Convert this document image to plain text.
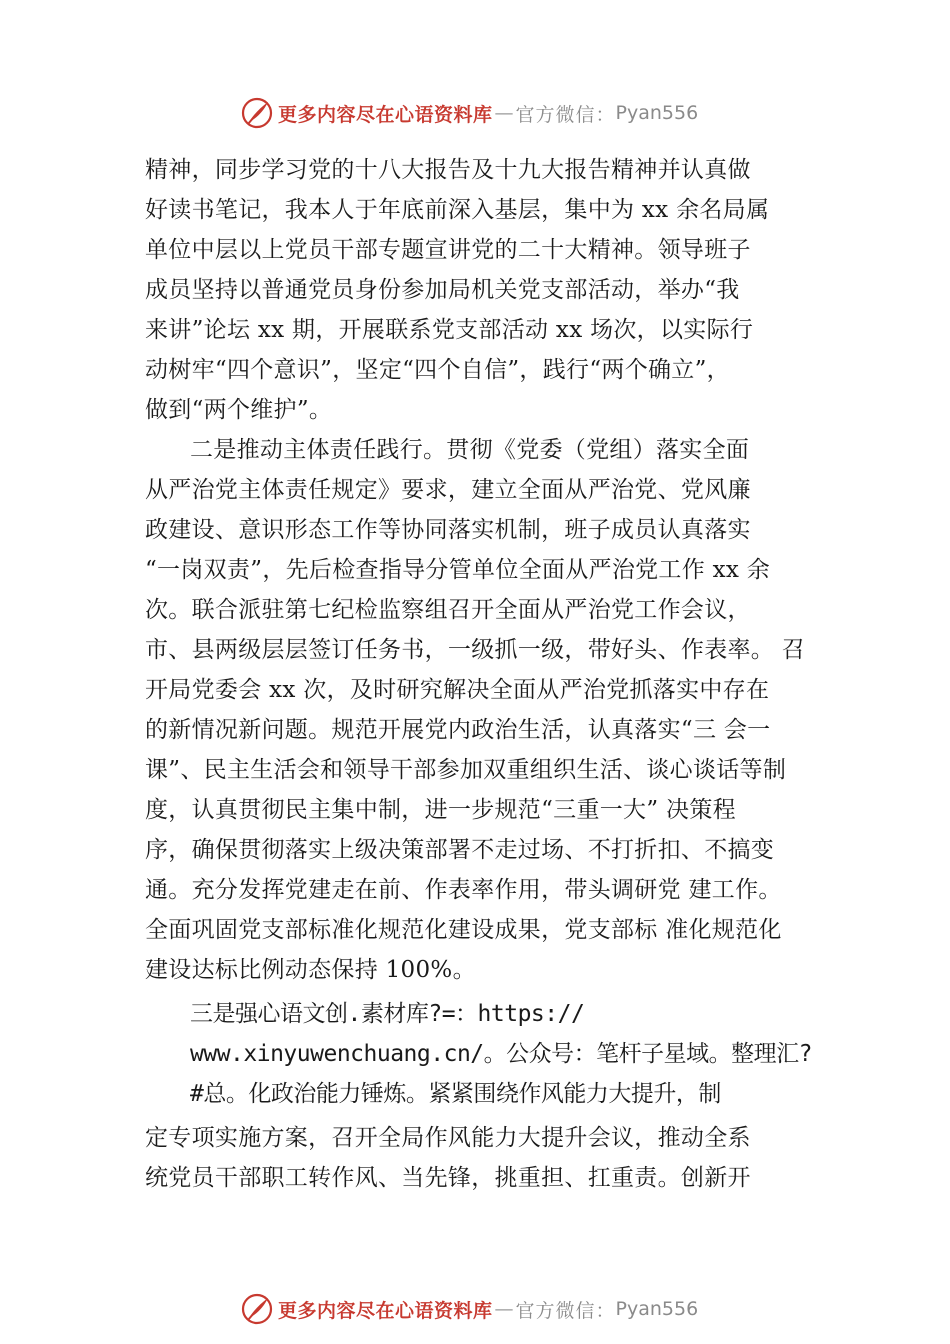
更多内容尽在心语资料库 — 官方微信： Pyan556
精神，同步学习党的十八大报告及十九大报告精神并认真做
好读书笔记，我本人于年底前深入基层，集中为 xx 余名局属
单位中层以上党员干部专题宣讲党的二十大精神。领导班子
成员坚持以普通党员身份参加局机关党支部活动，举办“我
来讲”论坛 xx 期，开展联系党支部活动 xx 场次，以实际行
动树牢“四个意识”，坚定“四个自信”，践行“两个确立”，
做到“两个维护”。
二是推动主体责任践行。贯彻《党委（党组）落实全面
从严治党主体责任规定》要求，建立全面从严治党、党风廉
政建设、意识形态工作等协同落实机制，班子成员认真落实
“一岗双责”，先后检查指导分管单位全面从严治党工作 xx 余
次。联合派驻第七纪检监察组召开全面从严治党工作会议，
市、县两级层层签订任务书，一级抓一级，带好头、作表率。 召
开局党委会 xx 次，及时研究解决全面从严治党抓落实中存在
的新情况新问题。规范开展党内政治生活，认真落实“三 会一
课”、民主生活会和领导干部参加双重组织生活、谈心谈话等制
度，认真贯彻民主集中制，进一步规范“三重一大” 决策程
序，确保贯彻落实上级决策部署不走过场、不打折扣、不搞变
通。充分发挥党建走在前、作表率作用，带头调研党 建工作。
全面巩固党支部标准化规范化建设成果，党支部标 准化规范化
建设达标比例动态保持 100%。
三是强心语文创.素材库?=：https://
www.xinyuwenchuang.cn/。公众号：笔杆子星域。整理汇?
#总。化政治能力锤炼。紧紧围绕作风能力大提升，制
定专项实施方案，召开全局作风能力大提升会议，推动全系
统党员干部职工转作风、当先锋，挑重担、扛重责。创新开
更多内容尽在心语资料库 — 官方微信： Pyan556
